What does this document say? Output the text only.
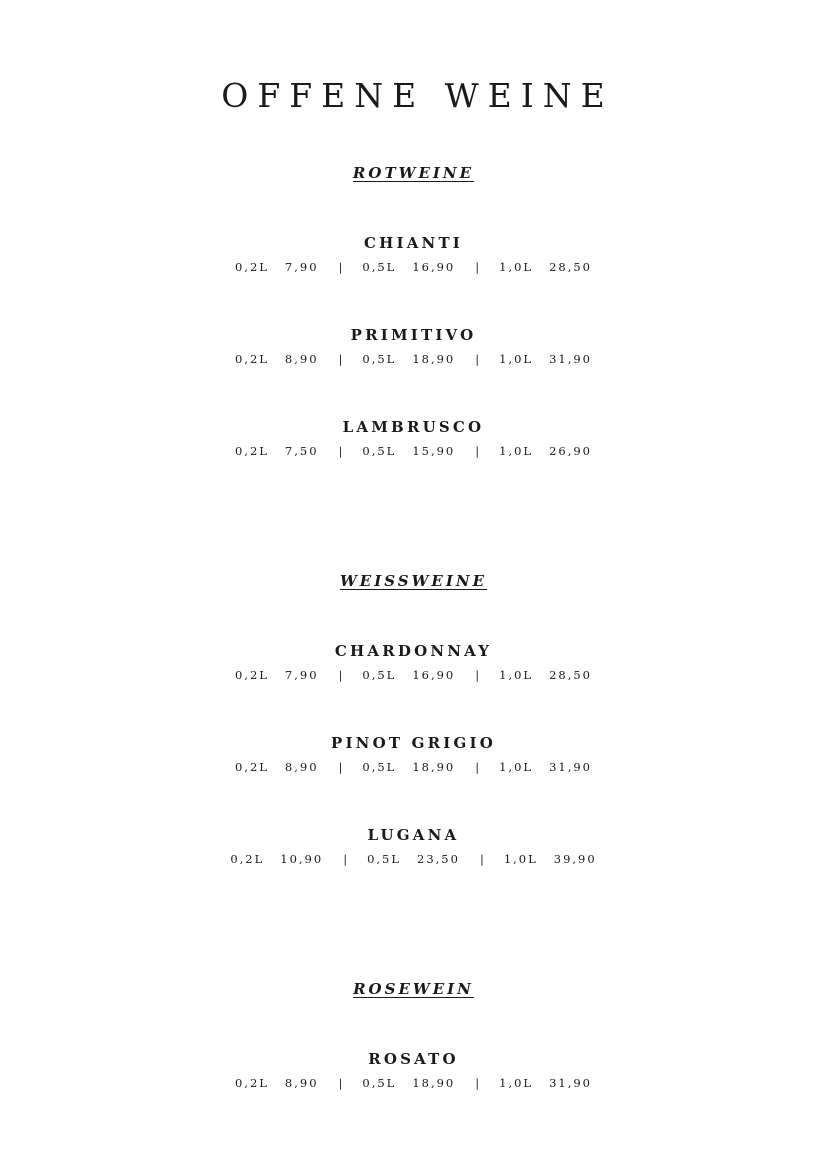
OFFENE WEINE
ROTWEINE
CHIANTI
0,2L 7,90 | 0,5L 16,90 | 1,0L 28,50
PRIMITIVO
0,2L 8,90 | 0,5L 18,90 | 1,0L 31,90
LAMBRUSCO
0,2L 7,50 | 0,5L 15,90 | 1,0L 26,90
WEISSWEINE
CHARDONNAY
0,2L 7,90 | 0,5L 16,90 | 1,0L 28,50
PINOT GRIGIO
0,2L 8,90 | 0,5L 18,90 | 1,0L 31,90
LUGANA
0,2L 10,90 | 0,5L 23,50 | 1,0L 39,90
ROSEWEIN
ROSATO
0,2L 8,90 | 0,5L 18,90 | 1,0L 31,90
